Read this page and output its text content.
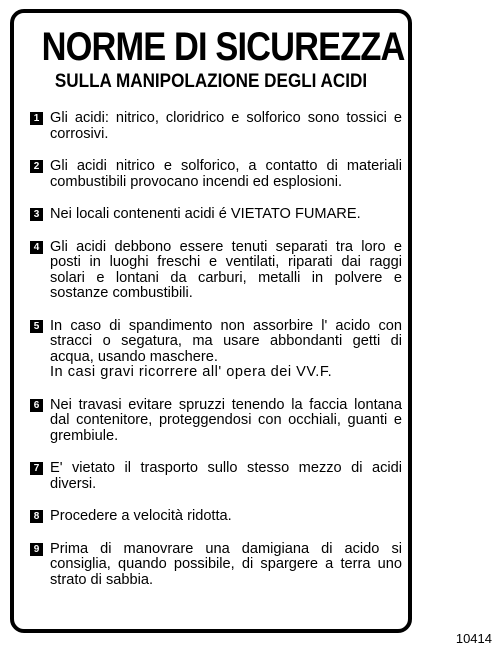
NORME DI SICUREZZA
SULLA MANIPOLAZIONE DEGLI ACIDI
1 Gli acidi: nitrico, cloridrico e solforico sono tossici e corrosivi.
2 Gli acidi nitrico e solforico, a contatto di materiali combustibili provocano incendi ed esplosioni.
3 Nei locali contenenti acidi é VIETATO FUMARE.
4 Gli acidi debbono essere tenuti separati tra loro e posti in luoghi freschi e ventilati, riparati dai raggi solari e lontani da carburi, metalli in polvere e sostanze combustibili.
5 In caso di spandimento non assorbire l' acido con stracci o segatura, ma usare abbondanti getti di acqua, usando maschere.
In casi gravi ricorrere all' opera dei VV.F.
6 Nei travasi evitare spruzzi tenendo la faccia lontana dal contenitore, proteggendosi con occhiali, guanti e grembiule.
7 E' vietato il trasporto sullo stesso mezzo di acidi diversi.
8 Procedere a velocità ridotta.
9 Prima di manovrare una damigiana di acido si consiglia, quando possibile, di spargere a terra uno strato di sabbia.
10414
